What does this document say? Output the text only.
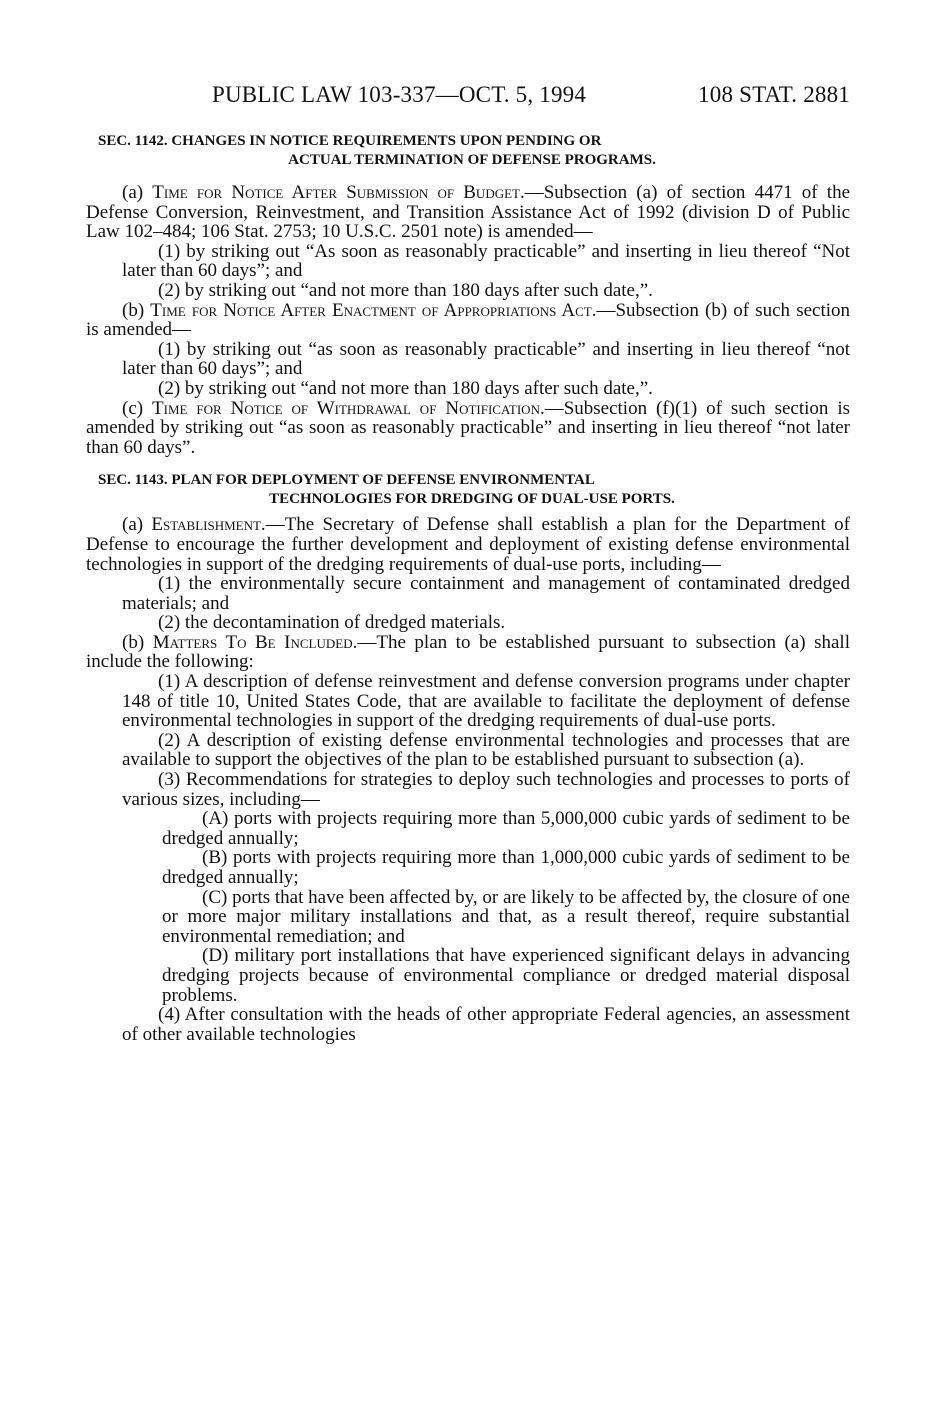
PUBLIC LAW 103-337—OCT. 5, 1994	108 STAT. 2881
SEC. 1142. CHANGES IN NOTICE REQUIREMENTS UPON PENDING OR
ACTUAL TERMINATION OF DEFENSE PROGRAMS.

(a) Time for Notice After Submission of Budget.—Subsection (a) of section 4471 of the Defense Conversion, Reinvestment, and Transition Assistance Act of 1992 (division D of Public Law 102–484; 106 Stat. 2753; 10 U.S.C. 2501 note) is amended—

(1) by striking out “As soon as reasonably practicable” and inserting in lieu thereof “Not later than 60 days”; and

(2) by striking out “and not more than 180 days after such date,”.

(b) Time for Notice After Enactment of Appropriations Act.—Subsection (b) of such section is amended—

(1) by striking out “as soon as reasonably practicable” and inserting in lieu thereof “not later than 60 days”; and

(2) by striking out “and not more than 180 days after such date,”.

(c) Time for Notice of Withdrawal of Notification.—Subsection (f)(1) of such section is amended by striking out “as soon as reasonably practicable” and inserting in lieu thereof “not later than 60 days”.

SEC. 1143. PLAN FOR DEPLOYMENT OF DEFENSE ENVIRONMENTAL
TECHNOLOGIES FOR DREDGING OF DUAL-USE PORTS.

(a) Establishment.—The Secretary of Defense shall establish a plan for the Department of Defense to encourage the further development and deployment of existing defense environmental technologies in support of the dredging requirements of dual-use ports, including—

(1) the environmentally secure containment and management of contaminated dredged materials; and

(2) the decontamination of dredged materials.

(b) Matters To Be Included.—The plan to be established pursuant to subsection (a) shall include the following:

(1) A description of defense reinvestment and defense conversion programs under chapter 148 of title 10, United States Code, that are available to facilitate the deployment of defense environmental technologies in support of the dredging requirements of dual-use ports.

(2) A description of existing defense environmental technologies and processes that are available to support the objectives of the plan to be established pursuant to subsection (a).

(3) Recommendations for strategies to deploy such technologies and processes to ports of various sizes, including—

(A) ports with projects requiring more than 5,000,000 cubic yards of sediment to be dredged annually;

(B) ports with projects requiring more than 1,000,000 cubic yards of sediment to be dredged annually;

(C) ports that have been affected by, or are likely to be affected by, the closure of one or more major military installations and that, as a result thereof, require substantial environmental remediation; and

(D) military port installations that have experienced significant delays in advancing dredging projects because of environmental compliance or dredged material disposal problems.

(4) After consultation with the heads of other appropriate Federal agencies, an assessment of other available technologies
